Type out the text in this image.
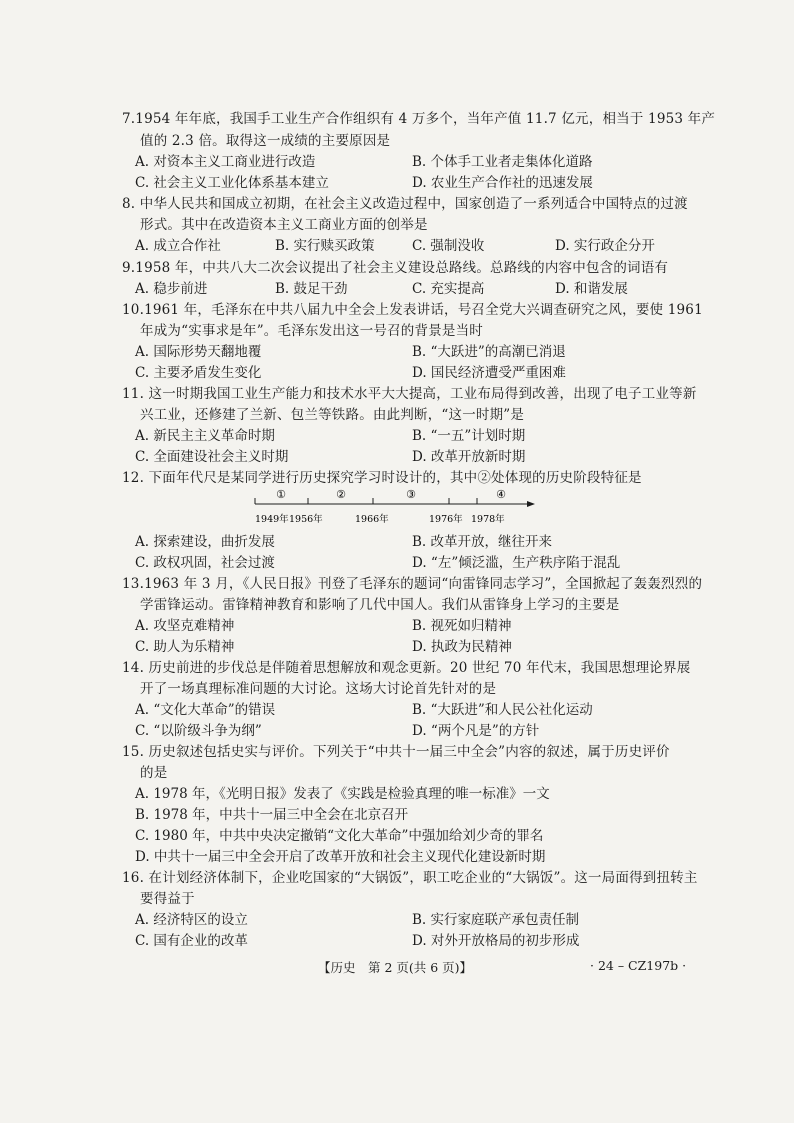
7.1954 年年底，我国手工业生产合作组织有 4 万多个，当年产值 11.7 亿元，相当于 1953 年产
值的 2.3 倍。取得这一成绩的主要原因是
A. 对资本主义工商业进行改造	B. 个体手工业者走集体化道路
C. 社会主义工业化体系基本建立	D. 农业生产合作社的迅速发展
8. 中华人民共和国成立初期，在社会主义改造过程中，国家创造了一系列适合中国特点的过渡
形式。其中在改造资本主义工商业方面的创举是
A. 成立合作社	B. 实行赎买政策	C. 强制没收	D. 实行政企分开
9.1958 年，中共八大二次会议提出了社会主义建设总路线。总路线的内容中包含的词语有
A. 稳步前进	B. 鼓足干劲	C. 充实提高	D. 和谐发展
10.1961 年，毛泽东在中共八届九中全会上发表讲话，号召全党大兴调查研究之风，要使 1961
年成为“实事求是年”。毛泽东发出这一号召的背景是当时
A. 国际形势天翻地覆	B. “大跃进”的高潮已消退
C. 主要矛盾发生变化	D. 国民经济遭受严重困难
11. 这一时期我国工业生产能力和技术水平大大提高，工业布局得到改善，出现了电子工业等新
兴工业，还修建了兰新、包兰等铁路。由此判断，“这一时期”是
A. 新民主主义革命时期	B. “一五”计划时期
C. 全面建设社会主义时期	D. 改革开放新时期
12. 下面年代尺是某同学进行历史探究学习时设计的，其中②处体现的历史阶段特征是
①	②	③	④
1949年 1956年	1966年	1976年 1978年
A. 探索建设，曲折发展	B. 改革开放，继往开来
C. 政权巩固，社会过渡	D. “左”倾泛滥，生产秩序陷于混乱
13.1963 年 3 月，《人民日报》刊登了毛泽东的题词“向雷锋同志学习”，全国掀起了轰轰烈烈的
学雷锋运动。雷锋精神教育和影响了几代中国人。我们从雷锋身上学习的主要是
A. 攻坚克难精神	B. 视死如归精神
C. 助人为乐精神	D. 执政为民精神
14. 历史前进的步伐总是伴随着思想解放和观念更新。20 世纪 70 年代末，我国思想理论界展
开了一场真理标准问题的大讨论。这场大讨论首先针对的是
A. “文化大革命”的错误	B. “大跃进”和人民公社化运动
C. “以阶级斗争为纲”	D. “两个凡是”的方针
15. 历史叙述包括史实与评价。下列关于“中共十一届三中全会”内容的叙述，属于历史评价
的是
A. 1978 年，《光明日报》发表了《实践是检验真理的唯一标准》一文
B. 1978 年，中共十一届三中全会在北京召开
C. 1980 年，中共中央决定撤销“文化大革命”中强加给刘少奇的罪名
D. 中共十一届三中全会开启了改革开放和社会主义现代化建设新时期
16. 在计划经济体制下，企业吃国家的“大锅饭”，职工吃企业的“大锅饭”。这一局面得到扭转主
要得益于
A. 经济特区的设立	B. 实行家庭联产承包责任制
C. 国有企业的改革	D. 对外开放格局的初步形成
【历史　第 2 页(共 6 页)】	· 24 – CZ197b ·
